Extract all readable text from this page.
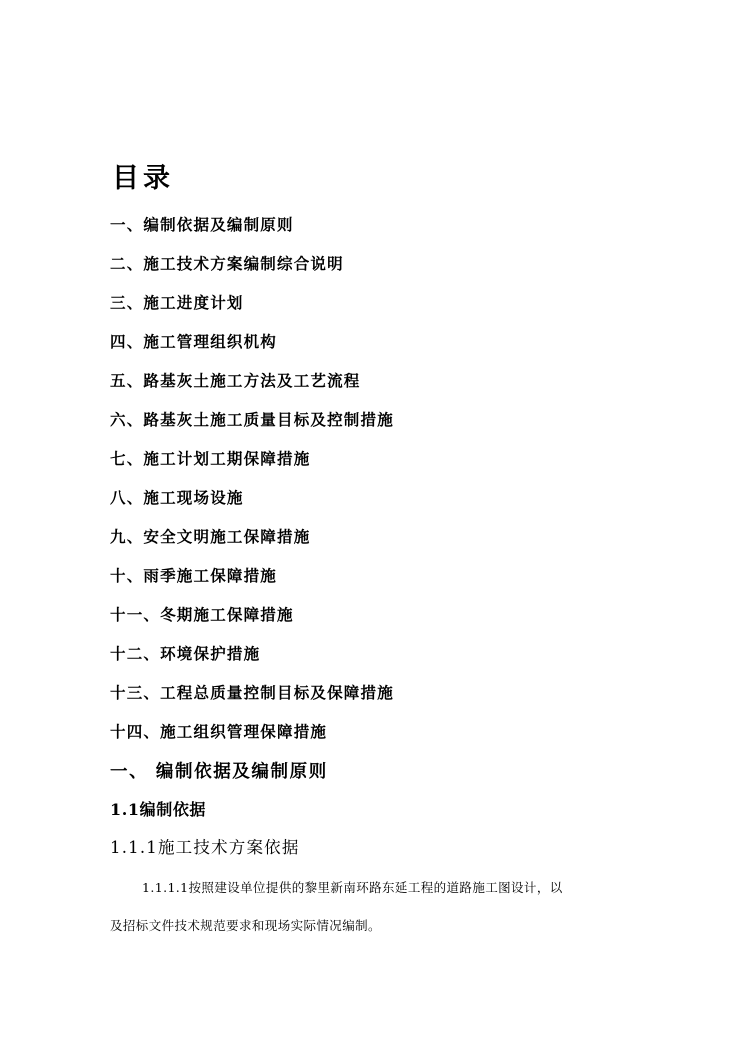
目录
一、编制依据及编制原则
二、施工技术方案编制综合说明
三、施工进度计划
四、施工管理组织机构
五、路基灰土施工方法及工艺流程
六、路基灰土施工质量目标及控制措施
七、施工计划工期保障措施
八、施工现场设施
九、安全文明施工保障措施
十、雨季施工保障措施
十一、冬期施工保障措施
十二、环境保护措施
十三、工程总质量控制目标及保障措施
十四、施工组织管理保障措施
一、 编制依据及编制原则
1.1编制依据
1.1.1施工技术方案依据
1.1.1.1按照建设单位提供的黎里新南环路东延工程的道路施工图设计，以
及招标文件技术规范要求和现场实际情况编制。
